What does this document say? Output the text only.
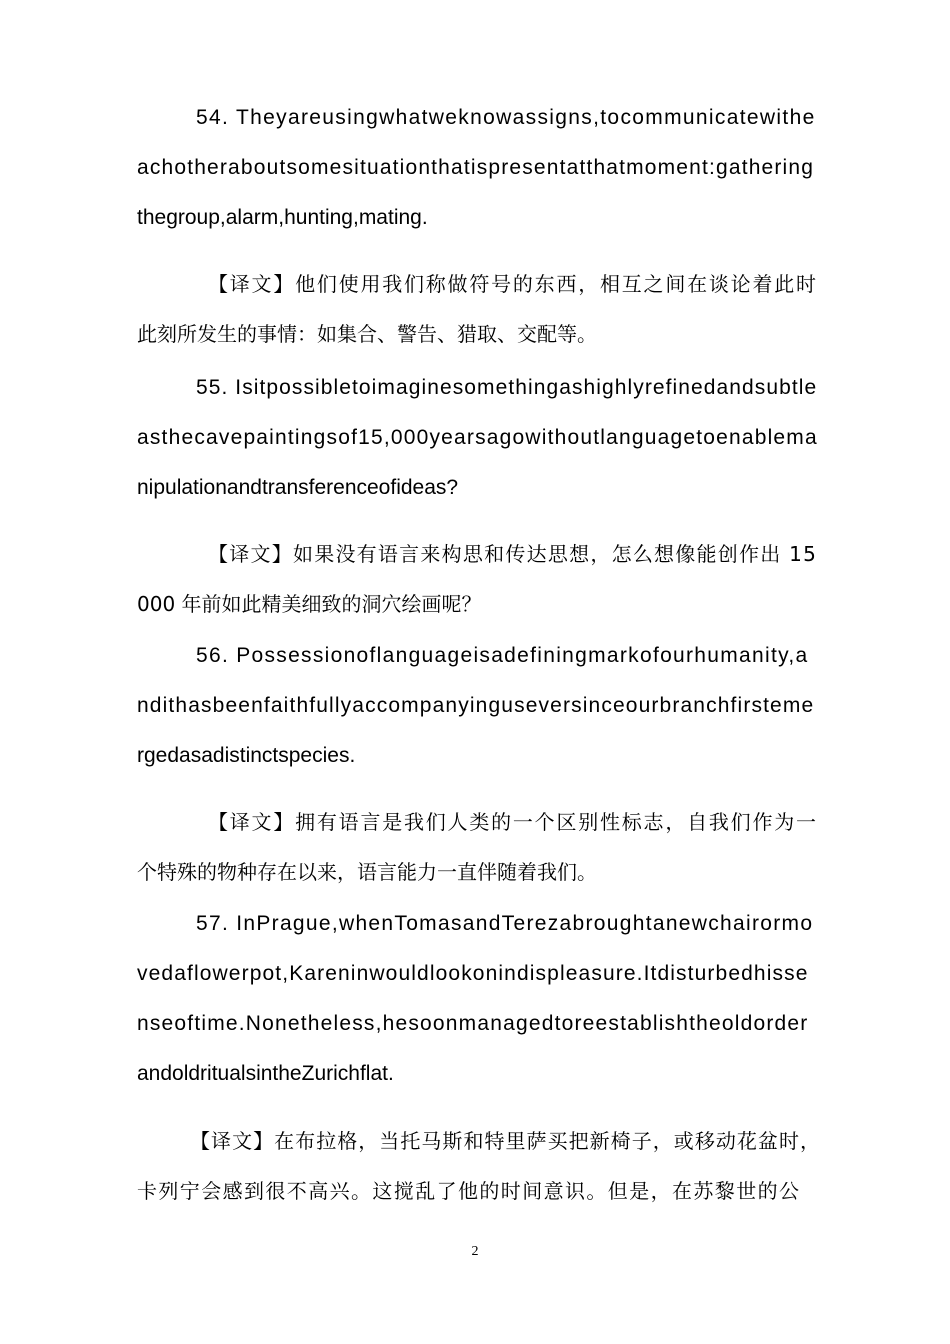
54. Theyareusingwhatweknowassigns,tocommunicatewithe
achotheraboutsomesituationthatispresentatthatmoment:gathering
thegroup,alarm,hunting,mating.
【译文】他们使用我们称做符号的东西，相互之间在谈论着此时
此刻所发生的事情：如集合、警告、猎取、交配等。
55. Isitpossibletoimaginesomethingashighlyrefinedandsubtle
asthecavepaintingsof15,000yearsagowithoutlanguagetoenablema
nipulationandtransferenceofideas?
【译文】如果没有语言来构思和传达思想，怎么想像能创作出 15
000 年前如此精美细致的洞穴绘画呢？
56. Possessionoflanguageisadefiningmarkofourhumanity,a
ndithasbeenfaithfullyaccompanyinguseversinceourbranchfirsteme
rgedasadistinctspecies.
【译文】拥有语言是我们人类的一个区别性标志，自我们作为一
个特殊的物种存在以来，语言能力一直伴随着我们。
57. InPrague,whenTomasandTerezabroughtanewchairormo
vedaflowerpot,Kareninwouldlookonindispleasure.Itdisturbedhisse
nseoftime.Nonetheless,hesoonmanagedtoreestablishtheoldorder
andoldritualsintheZurichflat.
【译文】在布拉格，当托马斯和特里萨买把新椅子，或移动花盆时，
卡列宁会感到很不高兴。这搅乱了他的时间意识。但是，在苏黎世的公
2
